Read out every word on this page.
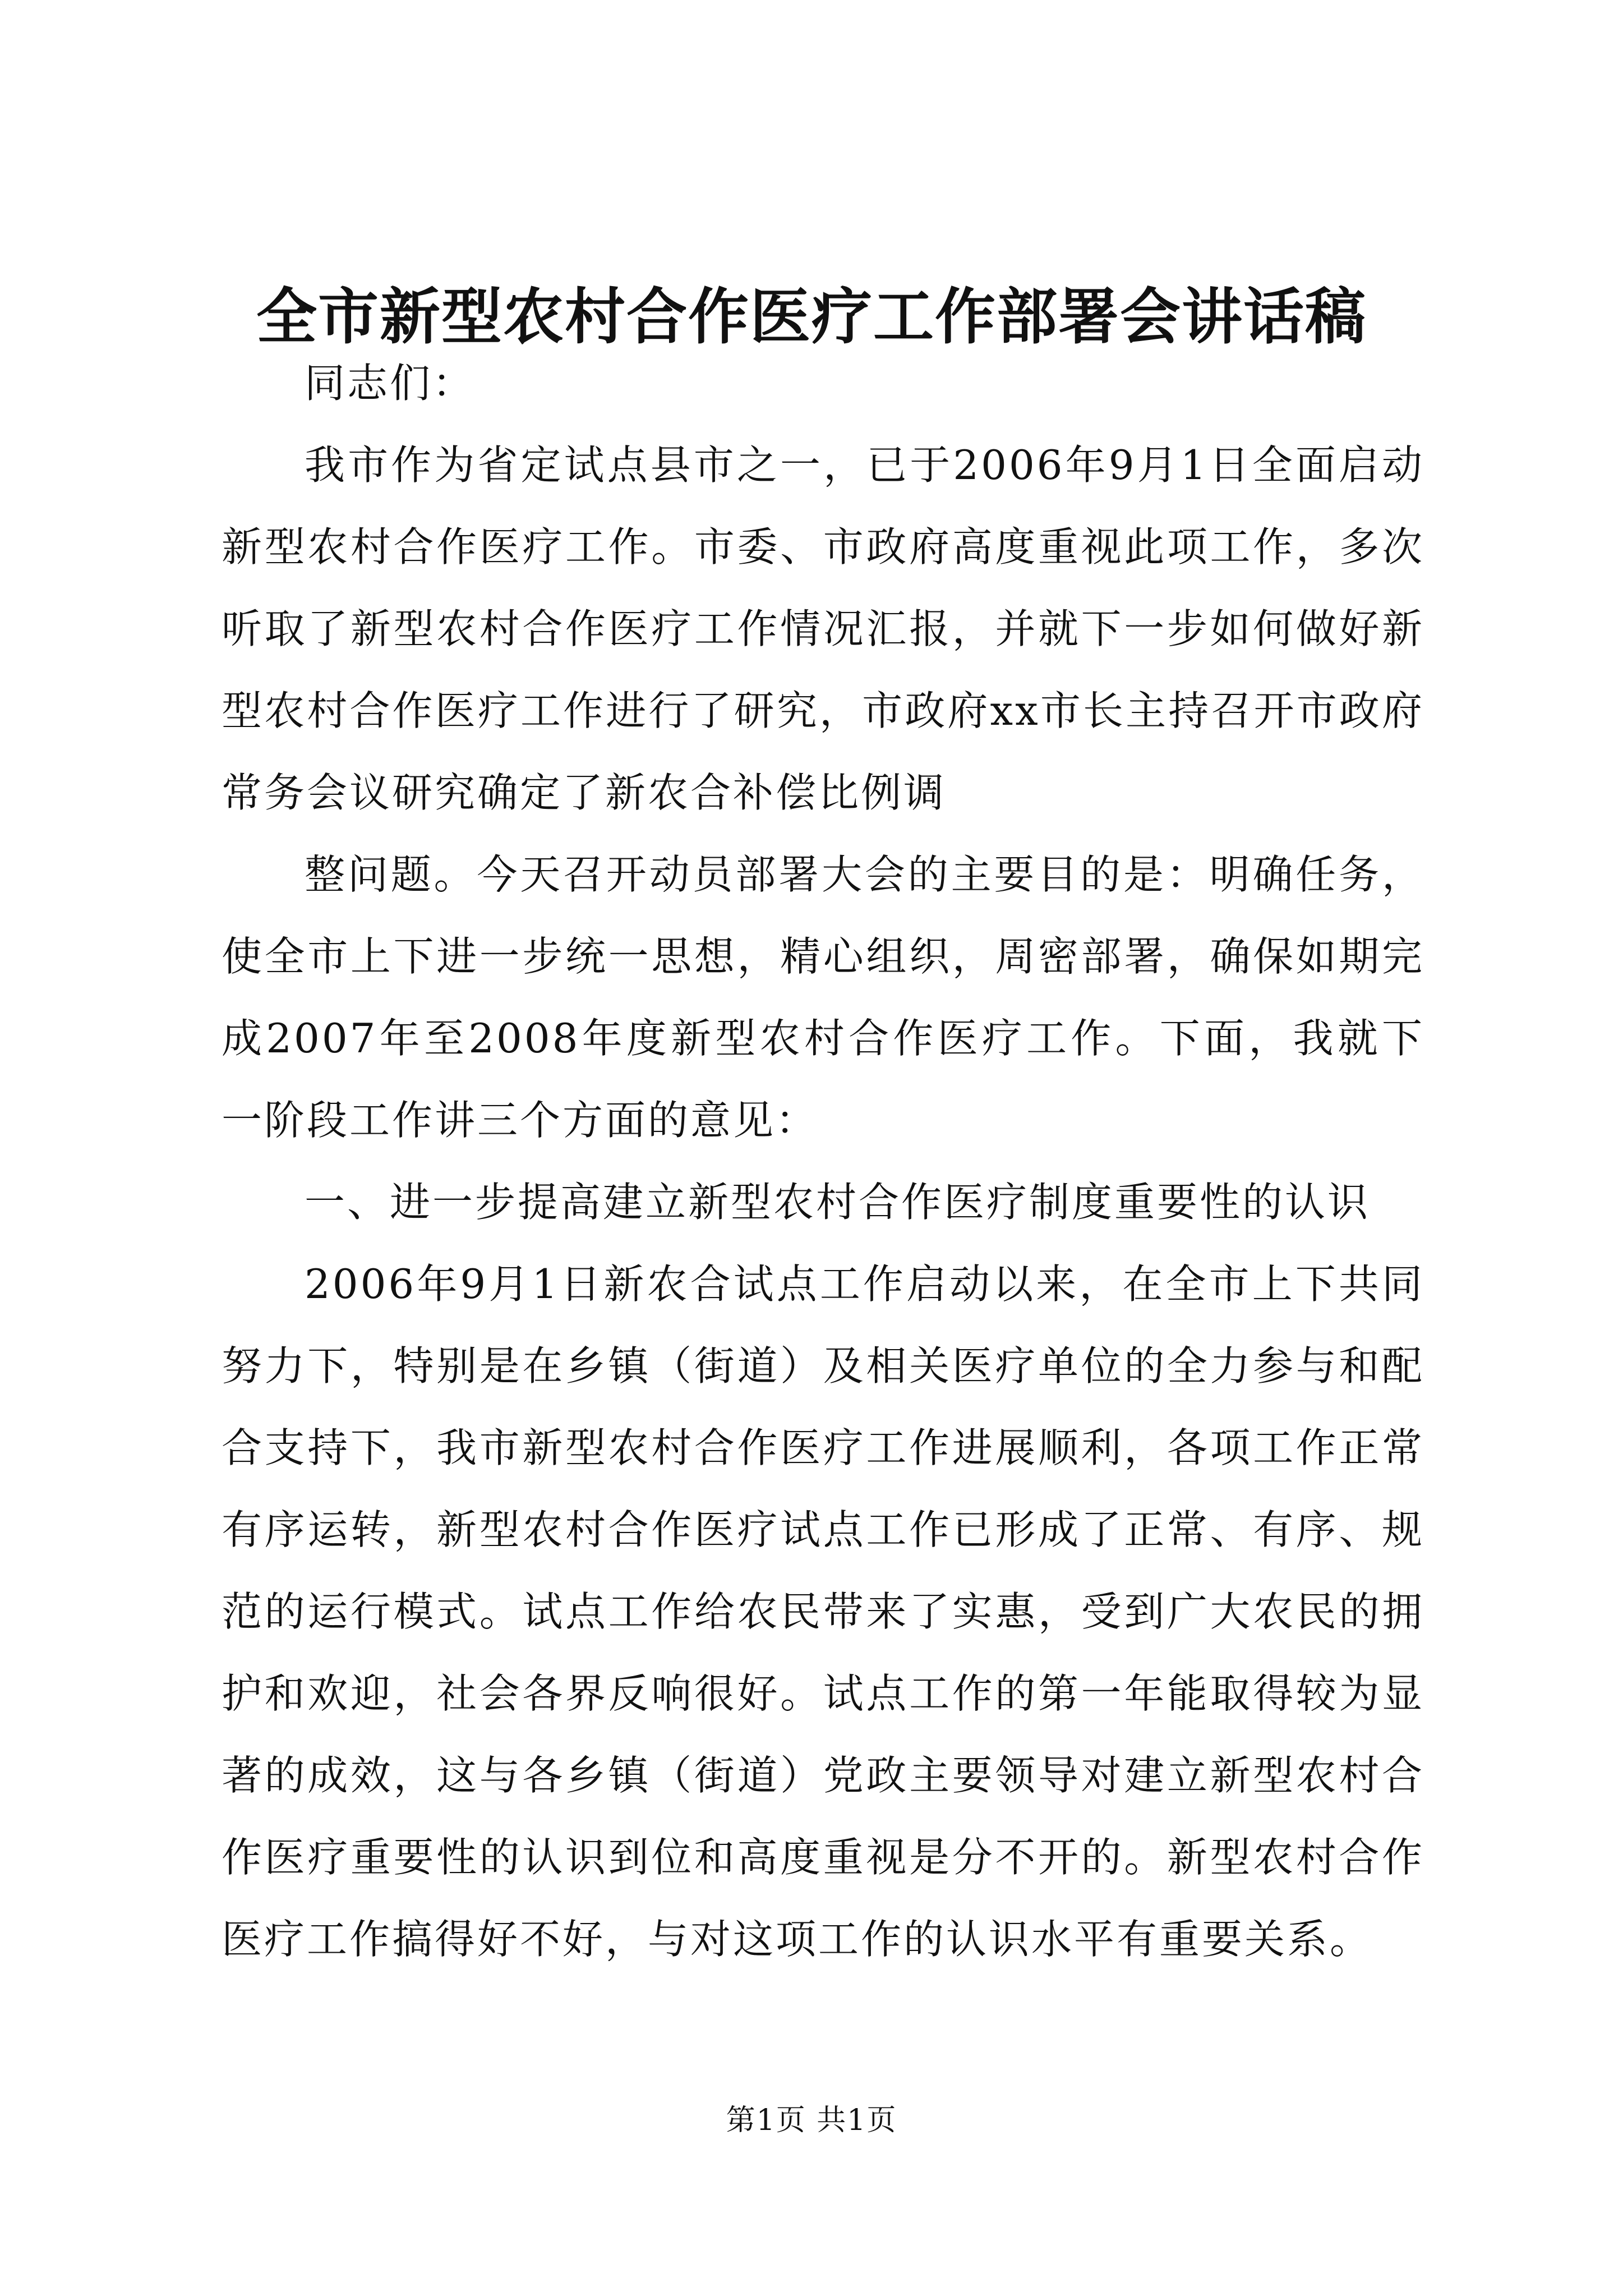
全市新型农村合作医疗工作部署会讲话稿

同志们：

我市作为省定试点县市之一，已于2006年9月1日全面启动新型农村合作医疗工作。市委、市政府高度重视此项工作，多次听取了新型农村合作医疗工作情况汇报，并就下一步如何做好新型农村合作医疗工作进行了研究，市政府xx市长主持召开市政府常务会议研究确定了新农合补偿比例调

整问题。今天召开动员部署大会的主要目的是：明确任务，使全市上下进一步统一思想，精心组织，周密部署，确保如期完成2007年至2008年度新型农村合作医疗工作。下面，我就下一阶段工作讲三个方面的意见：

一、进一步提高建立新型农村合作医疗制度重要性的认识

2006年9月1日新农合试点工作启动以来，在全市上下共同努力下，特别是在乡镇（街道）及相关医疗单位的全力参与和配合支持下，我市新型农村合作医疗工作进展顺利，各项工作正常有序运转，新型农村合作医疗试点工作已形成了正常、有序、规范的运行模式。试点工作给农民带来了实惠，受到广大农民的拥护和欢迎，社会各界反响很好。试点工作的第一年能取得较为显著的成效，这与各乡镇（街道）党政主要领导对建立新型农村合作医疗重要性的认识到位和高度重视是分不开的。新型农村合作医疗工作搞得好不好，与对这项工作的认识水平有重要关系。

第1页 共1页
